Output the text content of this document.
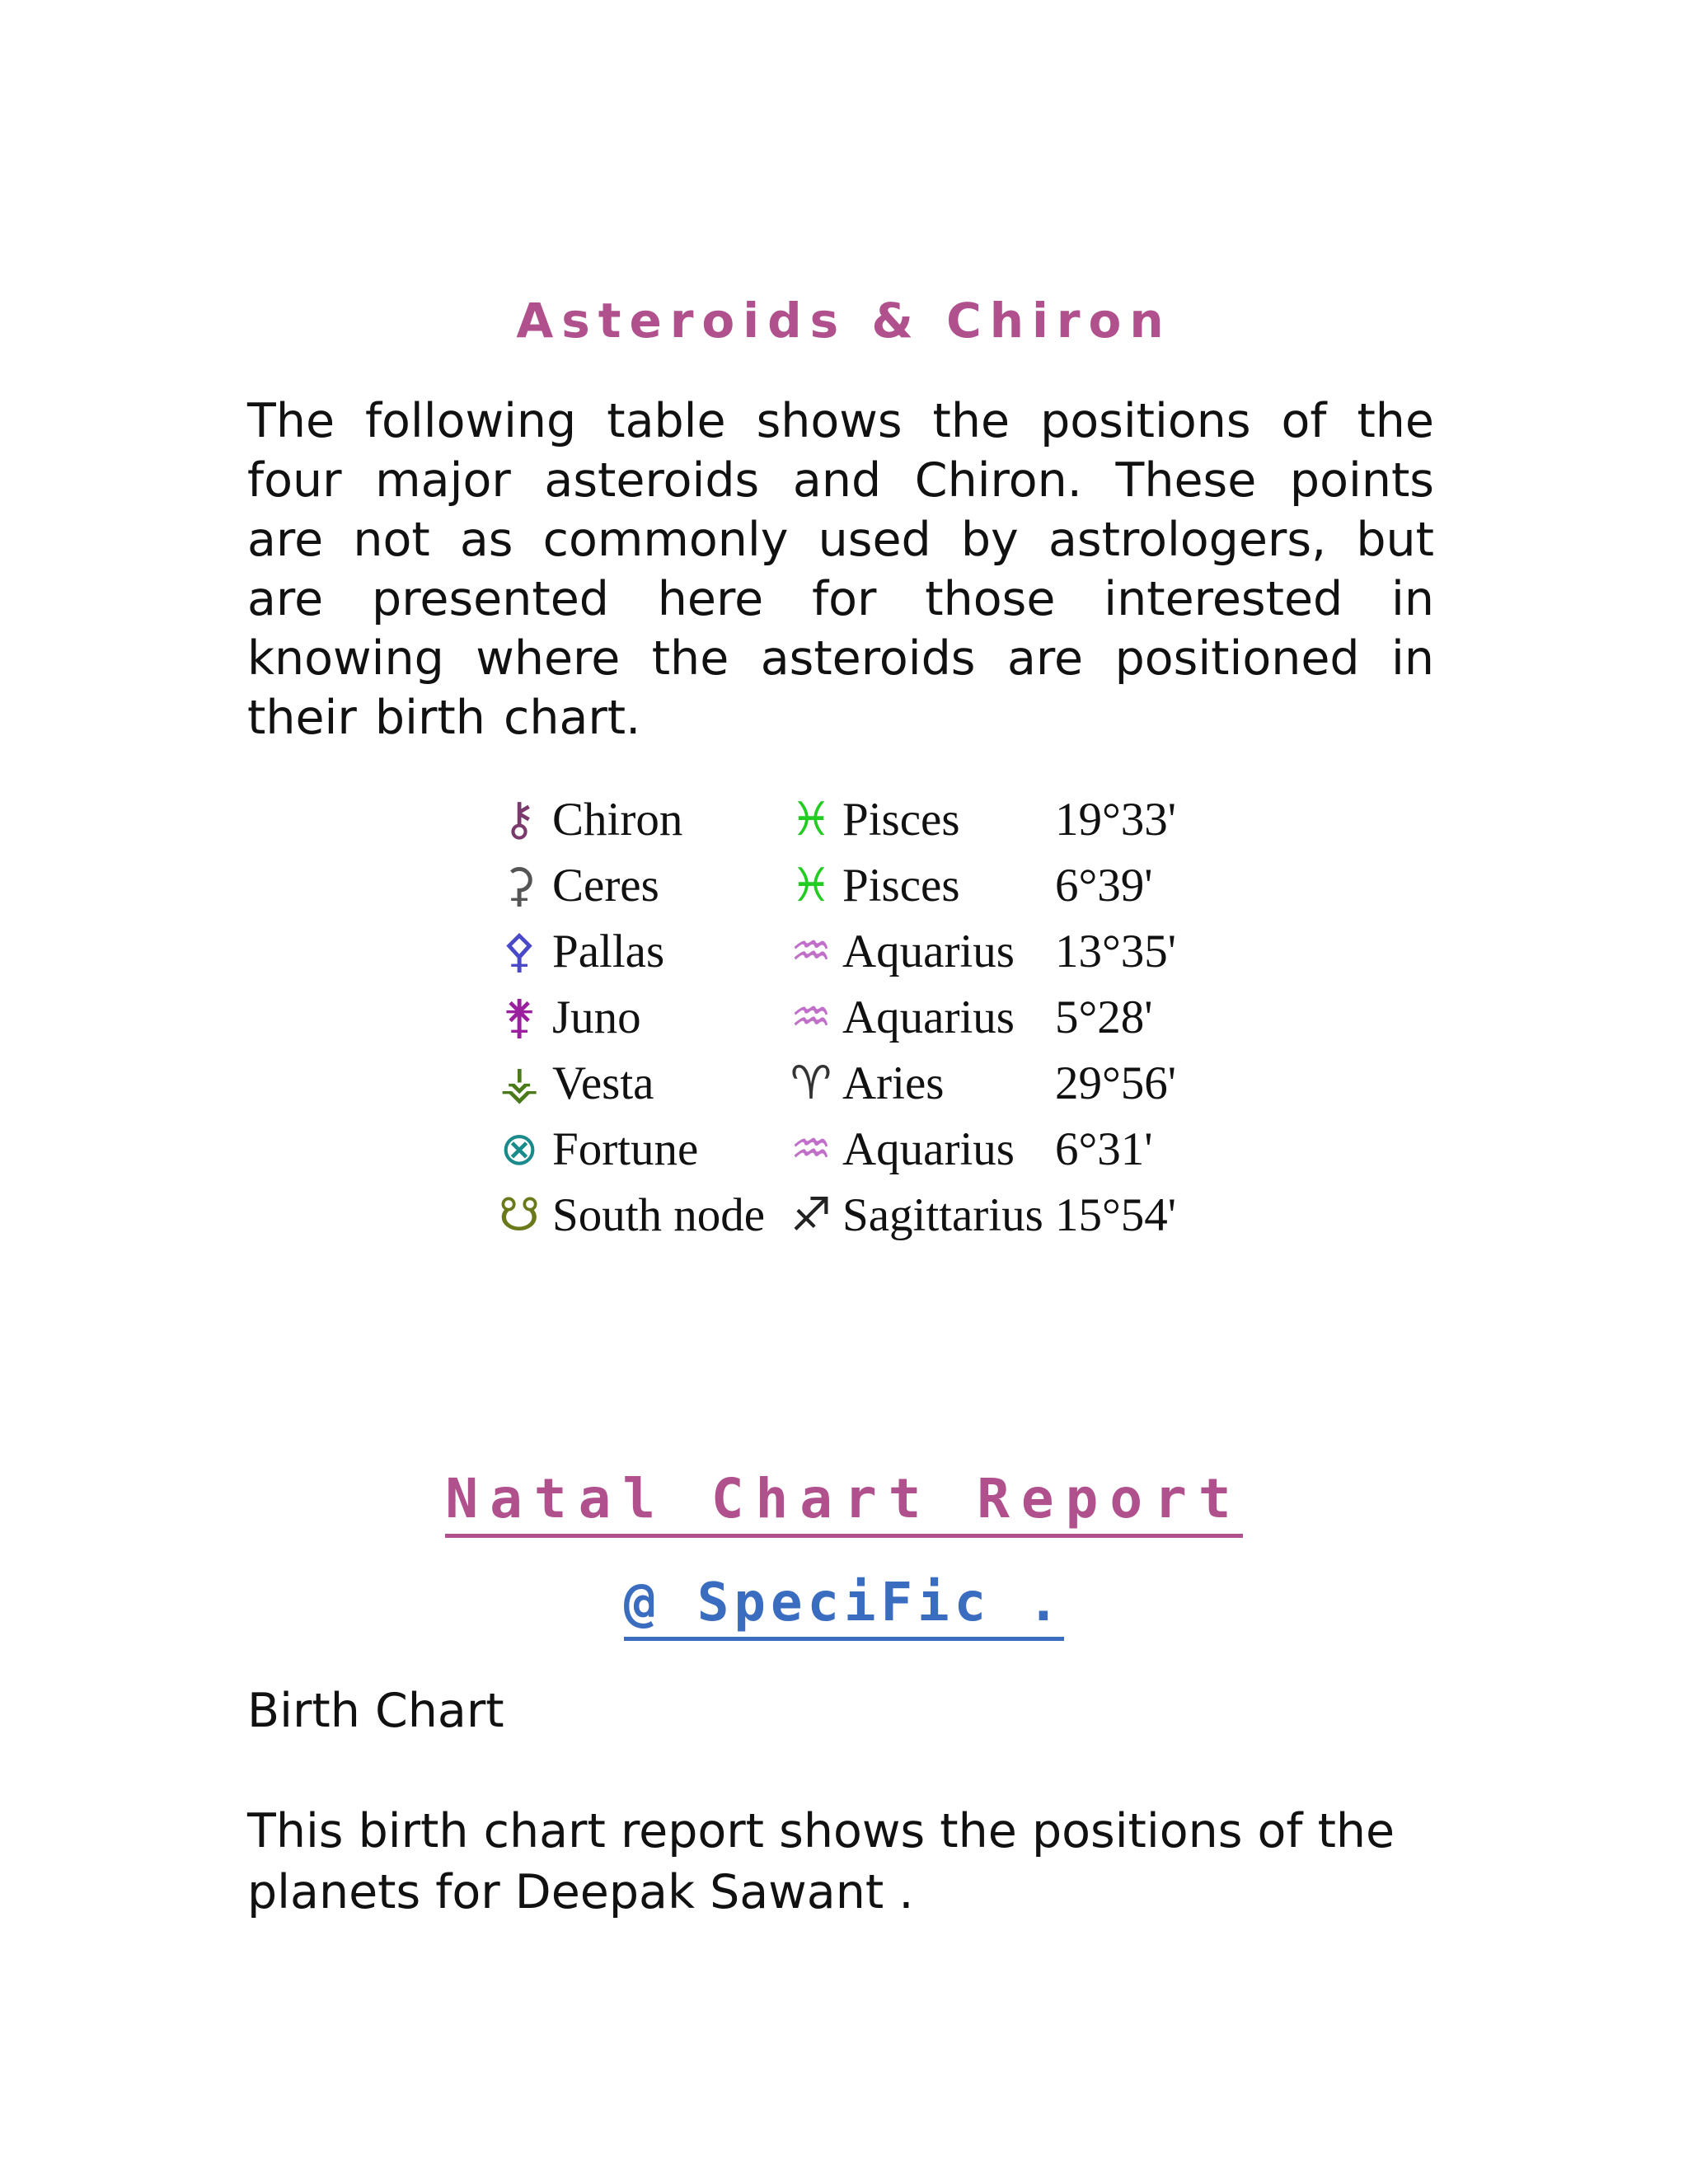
Asteroids & Chiron
The following table shows the positions of the four major asteroids and Chiron. These points are not as commonly used by astrologers, but are presented here for those interested in knowing where the asteroids are positioned in their birth chart.
⚷ Chiron ♓ Pisces 19°33'
⚳ Ceres	♓ Pisces 6°39'
⚴ Pallas	♒ Aquarius 13°35'
⚵ Juno	♒ Aquarius 5°28'
⚶ Vesta	♈ Aries 29°56'
⊗ Fortune ♒ Aquarius 6°31'
☋ South node ♐ Sagittarius 15°54'
Natal Chart Report
@ SpeciFic .
Birth Chart
This birth chart report shows the positions of the planets for Deepak Sawant .
